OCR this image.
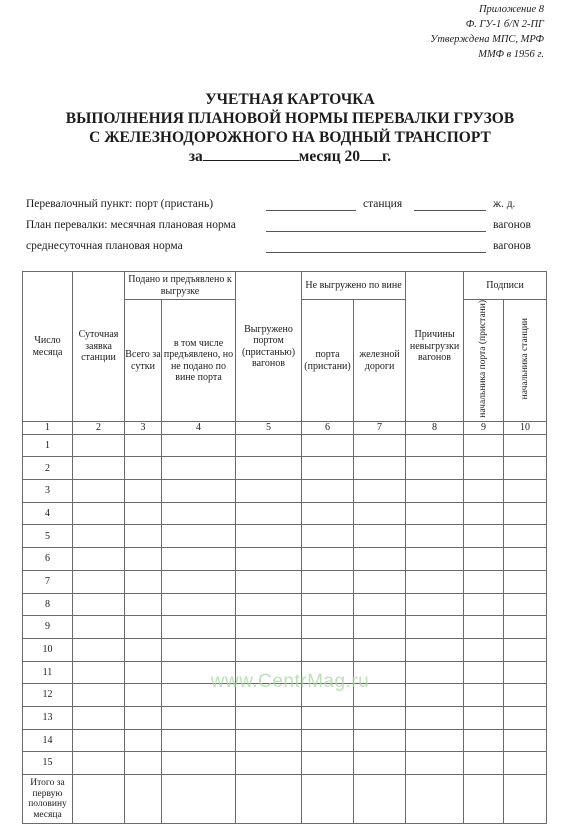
Приложение 8
Ф. ГУ-1 б/N 2-ПГ
Утверждена МПС, МРФ
ММФ в 1956 г.
УЧЕТНАЯ КАРТОЧКА
ВЫПОЛНЕНИЯ ПЛАНОВОЙ НОРМЫ ПЕРЕВАЛКИ ГРУЗОВ
С ЖЕЛЕЗНОДОРОЖНОГО НА ВОДНЫЙ ТРАНСПОРТ
за	месяц 20 г.
Перевалочный пункт: порт (пристань)	станция	ж. д.
План перевалки: месячная плановая норма	вагонов
среднесуточная плановая норма	вагонов
Число месяца	Суточная заявка станции	Подано и предъявлено к выгрузке		Выгружено портом (пристанью) вагонов	Не выгружено по вине		Причины невыгрузки вагонов	Подписи	
		Всего за сутки	в том числе предъявлено, но не подано по вине порта		порта (пристани)	железной дороги		начальника порта (пристани)	начальника станции
1	2	3	4	5	6	7	8	9	10
1									
2									
3									
4									
5									
6									
7									
8									
9									
10									
11									
12									
13									
14									
15									
Итого за первую половину месяца									
www.CentrMag.ru
